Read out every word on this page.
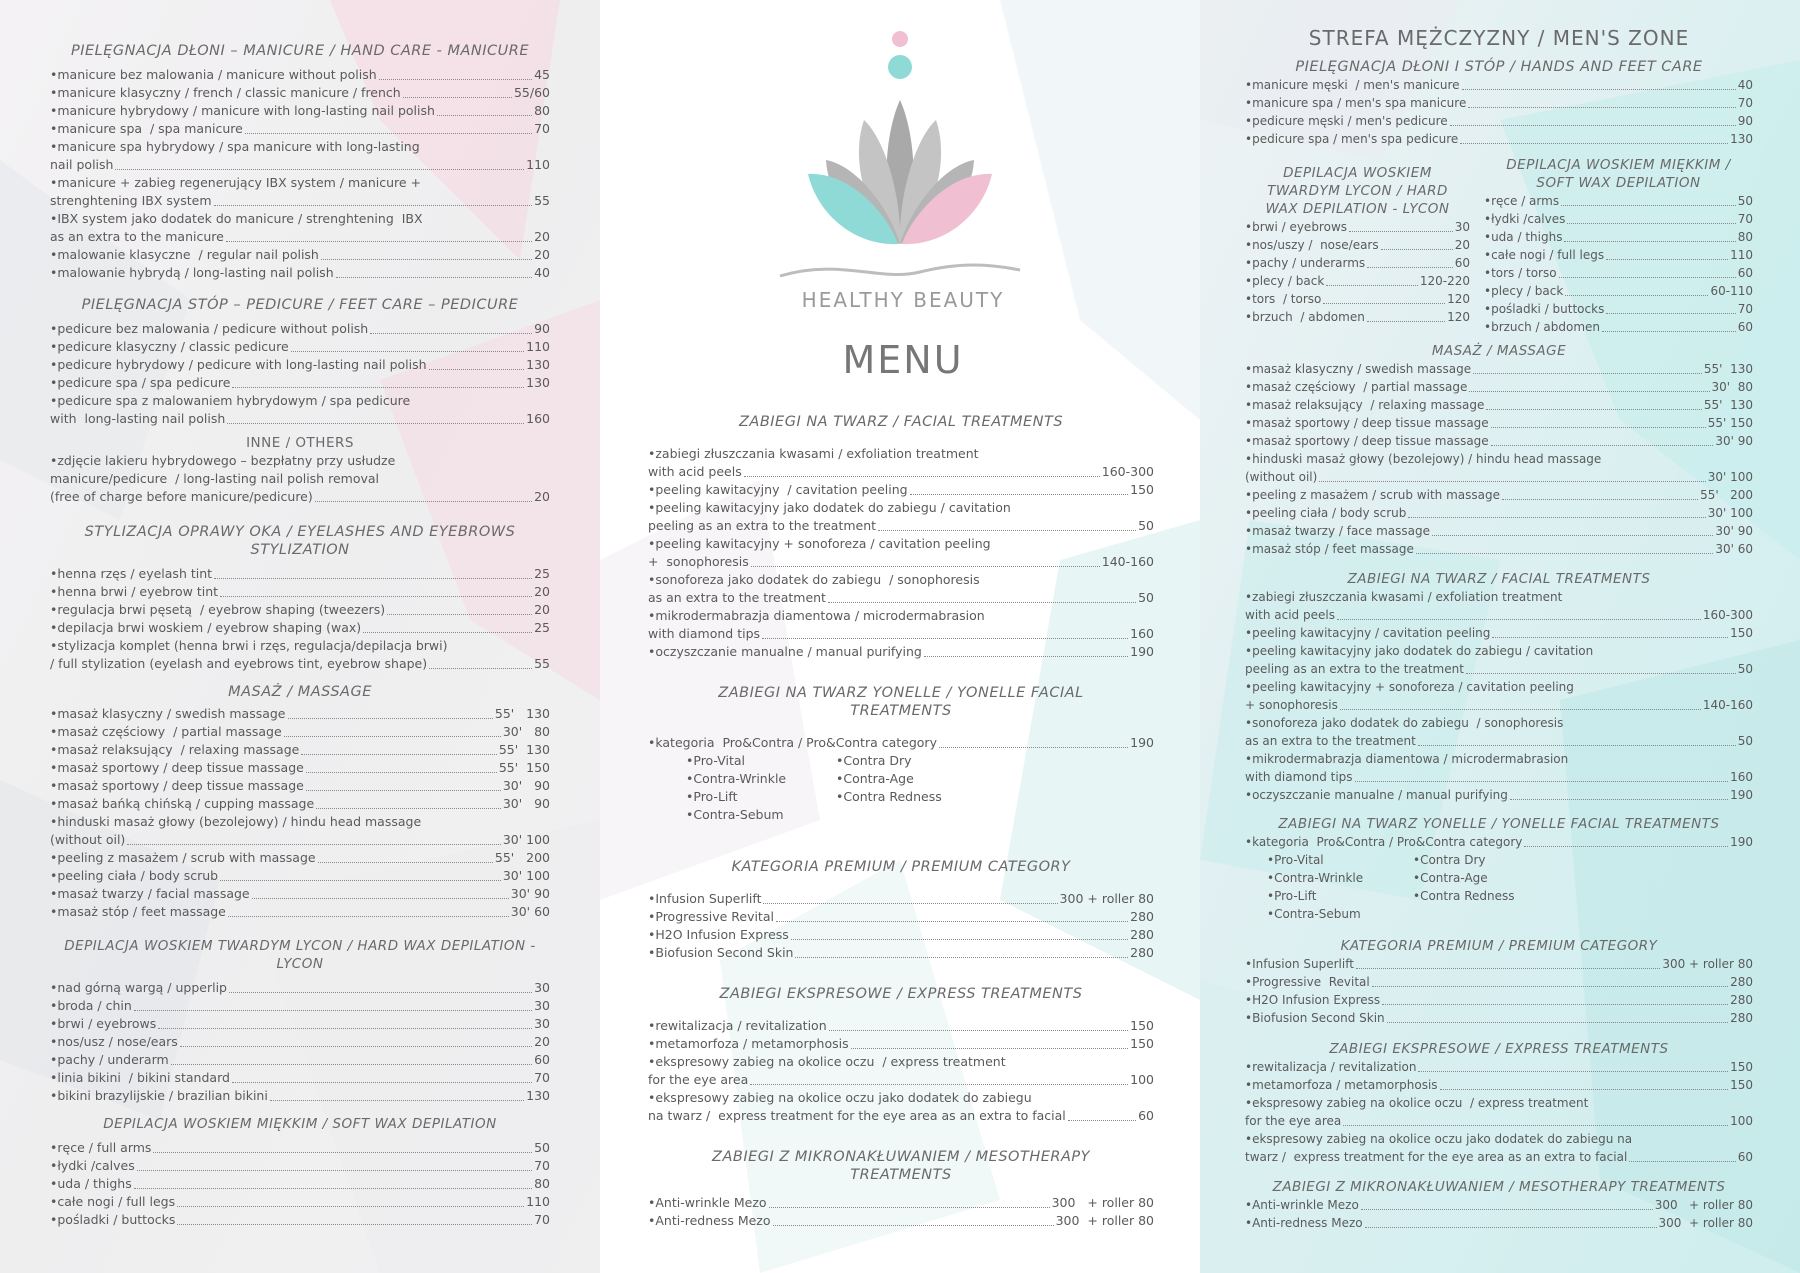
HEALTHY BEAUTY
MENU
PIELĘGNACJA DŁONI – MANICURE / HAND CARE - MANICURE
•manicure bez malowania / manicure without polish	45
•manicure klasyczny / french / classic manicure / french	55/60
•manicure hybrydowy / manicure with long-lasting nail polish	80
•manicure spa  / spa manicure	70
•manicure spa hybrydowy / spa manicure with long-lasting
nail polish	110
•manicure + zabieg regenerujący IBX system / manicure +
strenghtening IBX system	55
•IBX system jako dodatek do manicure / strenghtening  IBX
as an extra to the manicure	20
•malowanie klasyczne  / regular nail polish	20
•malowanie hybrydą / long-lasting nail polish	40
PIELĘGNACJA STÓP – PEDICURE / FEET CARE – PEDICURE
•pedicure bez malowania / pedicure without polish	90
•pedicure klasyczny / classic pedicure	110
•pedicure hybrydowy / pedicure with long-lasting nail polish	130
•pedicure spa / spa pedicure	130
•pedicure spa z malowaniem hybrydowym / spa pedicure
with  long-lasting nail polish	160
INNE / OTHERS
•zdjęcie lakieru hybrydowego – bezpłatny przy usłudze
manicure/pedicure  / long-lasting nail polish removal
(free of charge before manicure/pedicure)	20
STYLIZACJA OPRAWY OKA / EYELASHES AND EYEBROWS STYLIZATION
•henna rzęs / eyelash tint	25
•henna brwi / eyebrow tint	20
•regulacja brwi pęsetą  / eyebrow shaping (tweezers)	20
•depilacja brwi woskiem / eyebrow shaping (wax)	25
•stylizacja komplet (henna brwi i rzęs, regulacja/depilacja brwi)
/ full stylization (eyelash and eyebrows tint, eyebrow shape)	55
MASAŻ / MASSAGE
•masaż klasyczny / swedish massage	55'   130
•masaż częściowy  / partial massage	30'   80
•masaż relaksujący  / relaxing massage	55'  130
•masaż sportowy / deep tissue massage	55'  150
•masaż sportowy / deep tissue massage	30'   90
•masaż bańką chińską / cupping massage	30'   90
•hinduski masaż głowy (bezolejowy) / hindu head massage
(without oil)	30' 100
•peeling z masażem / scrub with massage	55'   200
•peeling ciała / body scrub	30' 100
•masaż twarzy / facial massage	30' 90
•masaż stóp / feet massage	30' 60
DEPILACJA WOSKIEM TWARDYM LYCON / HARD WAX DEPILATION - LYCON
•nad górną wargą / upperlip	30
•broda / chin	30
•brwi / eyebrows	30
•nos/usz / nose/ears	20
•pachy / underarm	60
•linia bikini  / bikini standard	70
•bikini brazylijskie / brazilian bikini	130
DEPILACJA WOSKIEM MIĘKKIM / SOFT WAX DEPILATION
•ręce / full arms	50
•łydki /calves	70
•uda / thighs	80
•całe nogi / full legs	110
•pośladki / buttocks	70
ZABIEGI NA TWARZ / FACIAL TREATMENTS
•zabiegi złuszczania kwasami / exfoliation treatment
with acid peels	160-300
•peeling kawitacyjny  / cavitation peeling	150
•peeling kawitacyjny jako dodatek do zabiegu / cavitation
peeling as an extra to the treatment	50
•peeling kawitacyjny + sonoforeza / cavitation peeling
+  sonophoresis	140-160
•sonoforeza jako dodatek do zabiegu  / sonophoresis
as an extra to the treatment	50
•mikrodermabrazja diamentowa / microdermabrasion
with diamond tips	160
•oczyszczanie manualne / manual purifying	190
ZABIEGI NA TWARZ YONELLE / YONELLE FACIAL TREATMENTS
•kategoria  Pro&Contra / Pro&Contra category	190
•Pro-Vital
•Contra-Wrinkle
•Pro-Lift
•Contra-Sebum
•Contra Dry
•Contra-Age
•Contra Redness
KATEGORIA PREMIUM / PREMIUM CATEGORY
•Infusion Superlift	300 + roller 80
•Progressive Revital	280
•H2O Infusion Express	280
•Biofusion Second Skin	280
ZABIEGI EKSPRESOWE / EXPRESS TREATMENTS
•rewitalizacja / revitalization	150
•metamorfoza / metamorphosis	150
•ekspresowy zabieg na okolice oczu  / express treatment
for the eye area	100
•ekspresowy zabieg na okolice oczu jako dodatek do zabiegu
na twarz /  express treatment for the eye area as an extra to facial	60
ZABIEGI Z MIKRONAKŁUWANIEM / MESOTHERAPY TREATMENTS
•Anti-wrinkle Mezo	300   + roller 80
•Anti-redness Mezo	300  + roller 80
STREFA MĘŻCZYZNY / MEN'S ZONE
PIELĘGNACJA DŁONI I STÓP / HANDS AND FEET CARE
•manicure męski  / men's manicure	40
•manicure spa / men's spa manicure	70
•pedicure męski / men's pedicure	90
•pedicure spa / men's spa pedicure	130
DEPILACJA WOSKIEM TWARDYM LYCON / HARD WAX DEPILATION - LYCON
•brwi / eyebrows	30
•nos/uszy /  nose/ears	20
•pachy / underarms	60
•plecy / back	120-220
•tors  / torso	120
•brzuch  / abdomen	120
DEPILACJA WOSKIEM MIĘKKIM / SOFT WAX DEPILATION
•ręce / arms	50
•łydki /calves	70
•uda / thighs	80
•całe nogi / full legs	110
•tors / torso	60
•plecy / back	60-110
•pośladki / buttocks	70
•brzuch / abdomen	60
MASAŻ / MASSAGE
•masaż klasyczny / swedish massage	55'  130
•masaż częściowy  / partial massage	30'  80
•masaż relaksujący  / relaxing massage	55'  130
•masaż sportowy / deep tissue massage	55' 150
•masaż sportowy / deep tissue massage	30' 90
•hinduski masaż głowy (bezolejowy) / hindu head massage
(without oil)	30' 100
•peeling z masażem / scrub with massage	55'   200
•peeling ciała / body scrub	30' 100
•masaż twarzy / face massage	30' 90
•masaż stóp / feet massage	30' 60
ZABIEGI NA TWARZ / FACIAL TREATMENTS
•zabiegi złuszczania kwasami / exfoliation treatment
with acid peels	160-300
•peeling kawitacyjny / cavitation peeling	150
•peeling kawitacyjny jako dodatek do zabiegu / cavitation
peeling as an extra to the treatment	50
•peeling kawitacyjny + sonoforeza / cavitation peeling
+ sonophoresis	140-160
•sonoforeza jako dodatek do zabiegu  / sonophoresis
as an extra to the treatment	50
•mikrodermabrazja diamentowa / microdermabrasion
with diamond tips	160
•oczyszczanie manualne / manual purifying	190
ZABIEGI NA TWARZ YONELLE / YONELLE FACIAL TREATMENTS
•kategoria  Pro&Contra / Pro&Contra category	190
•Pro-Vital
•Contra-Wrinkle
•Pro-Lift
•Contra-Sebum
•Contra Dry
•Contra-Age
•Contra Redness
KATEGORIA PREMIUM / PREMIUM CATEGORY
•Infusion Superlift	300 + roller 80
•Progressive  Revital	280
•H2O Infusion Express	280
•Biofusion Second Skin	280
ZABIEGI EKSPRESOWE / EXPRESS TREATMENTS
•rewitalizacja / revitalization	150
•metamorfoza / metamorphosis	150
•ekspresowy zabieg na okolice oczu  / express treatment
for the eye area	100
•ekspresowy zabieg na okolice oczu jako dodatek do zabiegu na
twarz /  express treatment for the eye area as an extra to facial	60
ZABIEGI Z MIKRONAKŁUWANIEM / MESOTHERAPY TREATMENTS
•Anti-wrinkle Mezo	300   + roller 80
•Anti-redness Mezo	300  + roller 80
